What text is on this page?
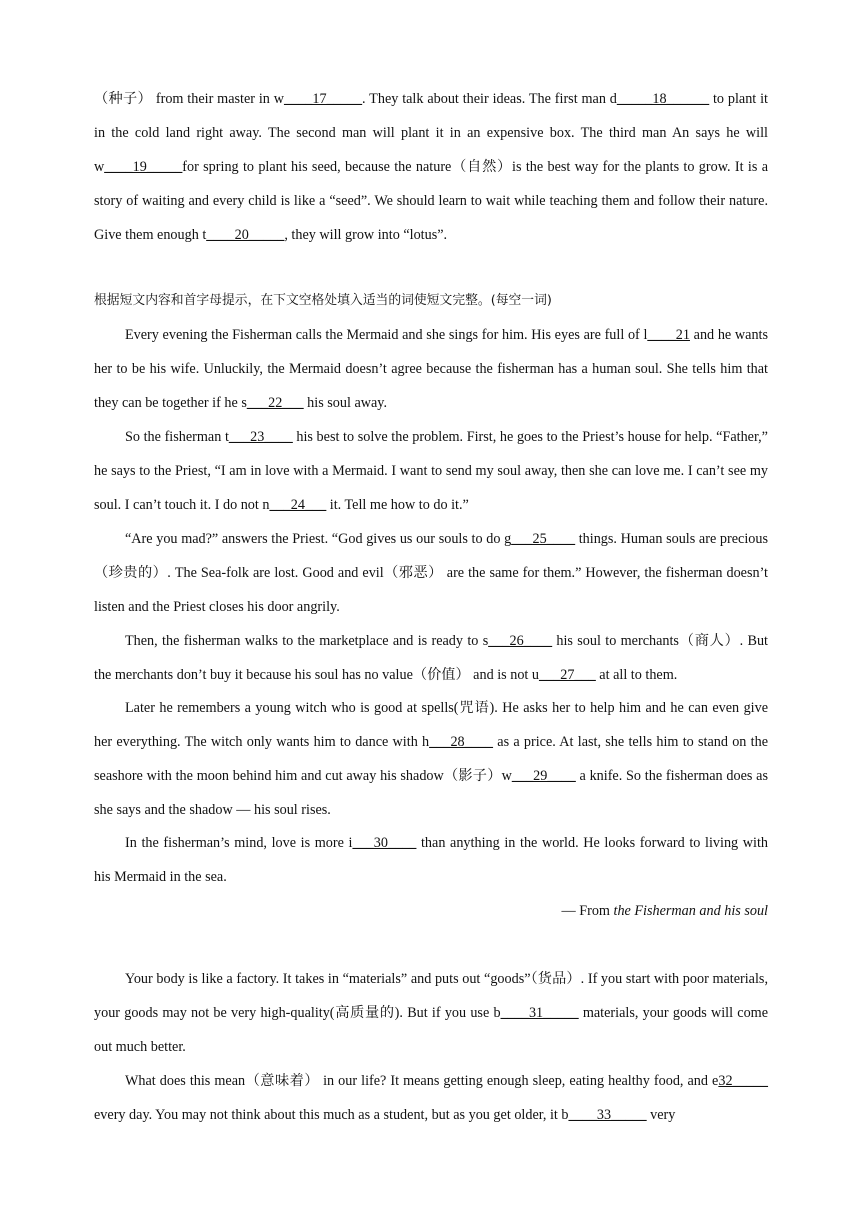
（种子） from their master in w____17_____. They talk about their ideas. The first man d_____18______ to plant it in the cold land right away. The second man will plant it in an expensive box. The third man An says he will w____19_____for spring to plant his seed, because the nature（自然）is the best way for the plants to grow. It is a story of waiting and every child is like a “seed”. We should learn to wait while teaching them and follow their nature. Give them enough t____20_____, they will grow into “lotus”.

根据短文内容和首字母提示，在下文空格处填入适当的词使短文完整。(每空一词)

Every evening the Fisherman calls the Mermaid and she sings for him. His eyes are full of l____21 and he wants her to be his wife. Unluckily, the Mermaid doesn’t agree because the fisherman has a human soul. She tells him that they can be together if he s___22___ his soul away.

So the fisherman t___23____ his best to solve the problem. First, he goes to the Priest’s house for help. “Father,” he says to the Priest, “I am in love with a Mermaid. I want to send my soul away, then she can love me. I can’t see my soul. I can’t touch it. I do not n___24___ it. Tell me how to do it.”

“Are you mad?” answers the Priest. “God gives us our souls to do g___25____ things. Human souls are precious（珍贵的）. The Sea-folk are lost. Good and evil（邪恶） are the same for them.” However, the fisherman doesn’t listen and the Priest closes his door angrily.

Then, the fisherman walks to the marketplace and is ready to s___26____ his soul to merchants（商人）. But the merchants don’t buy it because his soul has no value（价值） and is not u___27___ at all to them.

Later he remembers a young witch who is good at spells(咒语). He asks her to help him and he can even give her everything. The witch only wants him to dance with h___28____ as a price. At last, she tells him to stand on the seashore with the moon behind him and cut away his shadow（影子）w___29____ a knife. So the fisherman does as she says and the shadow — his soul rises.

In the fisherman’s mind, love is more i___30____ than anything in the world. He looks forward to living with his Mermaid in the sea.

— From the Fisherman and his soul

Your body is like a factory. It takes in “materials” and puts out “goods”（货品）. If you start with poor materials, your goods may not be very high-quality(高质量的). But if you use b____31_____ materials, your goods will come out much better.

What does this mean（意味着） in our life? It means getting enough sleep, eating healthy food, and e32_____ every day. You may not think about this much as a student, but as you get older, it b____33_____ very
